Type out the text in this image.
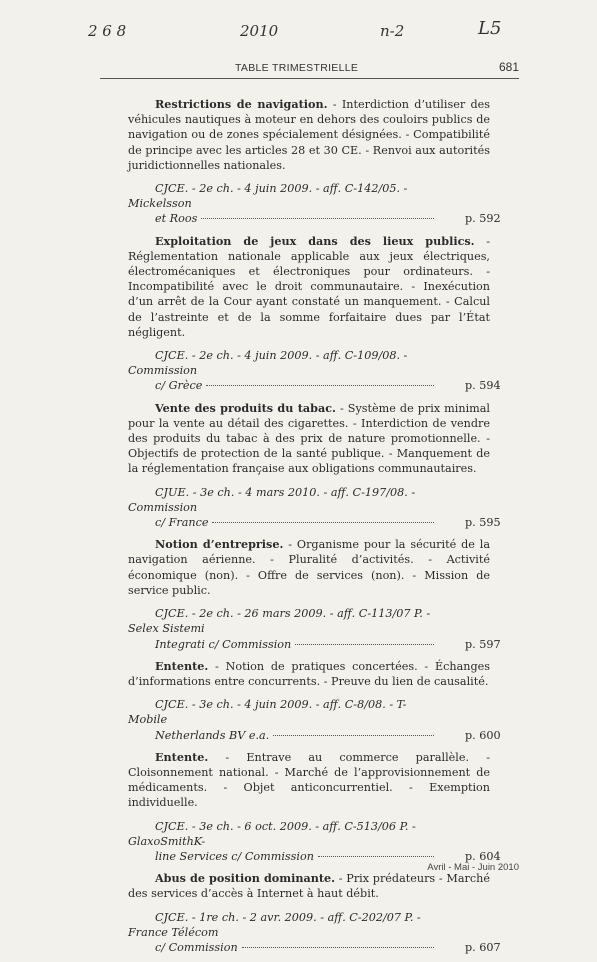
2 6 8	2010	n-2	L5
TABLE TRIMESTRIELLE	681

Restrictions de navigation. - Interdiction d’utiliser des véhicules nautiques à moteur en dehors des couloirs publics de navigation ou de zones spécialement désignées. - Compatibilité de principe avec les articles 28 et 30 CE. - Renvoi aux autorités juridictionnelles nationales.

CJCE. - 2e ch. - 4 juin 2009. - aff. C-142/05. - Mickelsson
et Roos	p. 592

Exploitation de jeux dans des lieux publics. - Réglementation nationale applicable aux jeux électriques, électromécaniques et électroniques pour ordinateurs. - Incompatibilité avec le droit communautaire. - Inexécution d’un arrêt de la Cour ayant constaté un manquement. - Calcul de l’astreinte et de la somme forfaitaire dues par l’État négligent.

CJCE. - 2e ch. - 4 juin 2009. - aff. C-109/08. - Commission
c/ Grèce	p. 594

Vente des produits du tabac. - Système de prix minimal pour la vente au détail des cigarettes. - Interdiction de vendre des produits du tabac à des prix de nature promotionnelle. - Objectifs de protection de la santé publique. - Manquement de la réglementation française aux obligations communautaires.

CJUE. - 3e ch. - 4 mars 2010. - aff. C-197/08. - Commission
c/ France	p. 595

Notion d’entreprise. - Organisme pour la sécurité de la navigation aérienne. - Pluralité d’activités. - Activité économique (non). - Offre de services (non). - Mission de service public.

CJCE. - 2e ch. - 26 mars 2009. - aff. C-113/07 P. - Selex Sistemi
Integrati c/ Commission	p. 597

Entente. - Notion de pratiques concertées. - Échanges d’informations entre concurrents. - Preuve du lien de causalité.

CJCE. - 3e ch. - 4 juin 2009. - aff. C-8/08. - T-Mobile
Netherlands BV e.a.	p. 600

Entente. - Entrave au commerce parallèle. - Cloisonnement national. - Marché de l’approvisionnement de médicaments. - Objet anticoncurrentiel. - Exemption individuelle.

CJCE. - 3e ch. - 6 oct. 2009. - aff. C-513/06 P. - GlaxoSmithK-
line Services c/ Commission	p. 604

Abus de position dominante. - Prix prédateurs - Marché des services d’accès à Internet à haut débit.

CJCE. - 1re ch. - 2 avr. 2009. - aff. C-202/07 P. - France Télécom
c/ Commission	p. 607
Avril - Mai - Juin 2010
